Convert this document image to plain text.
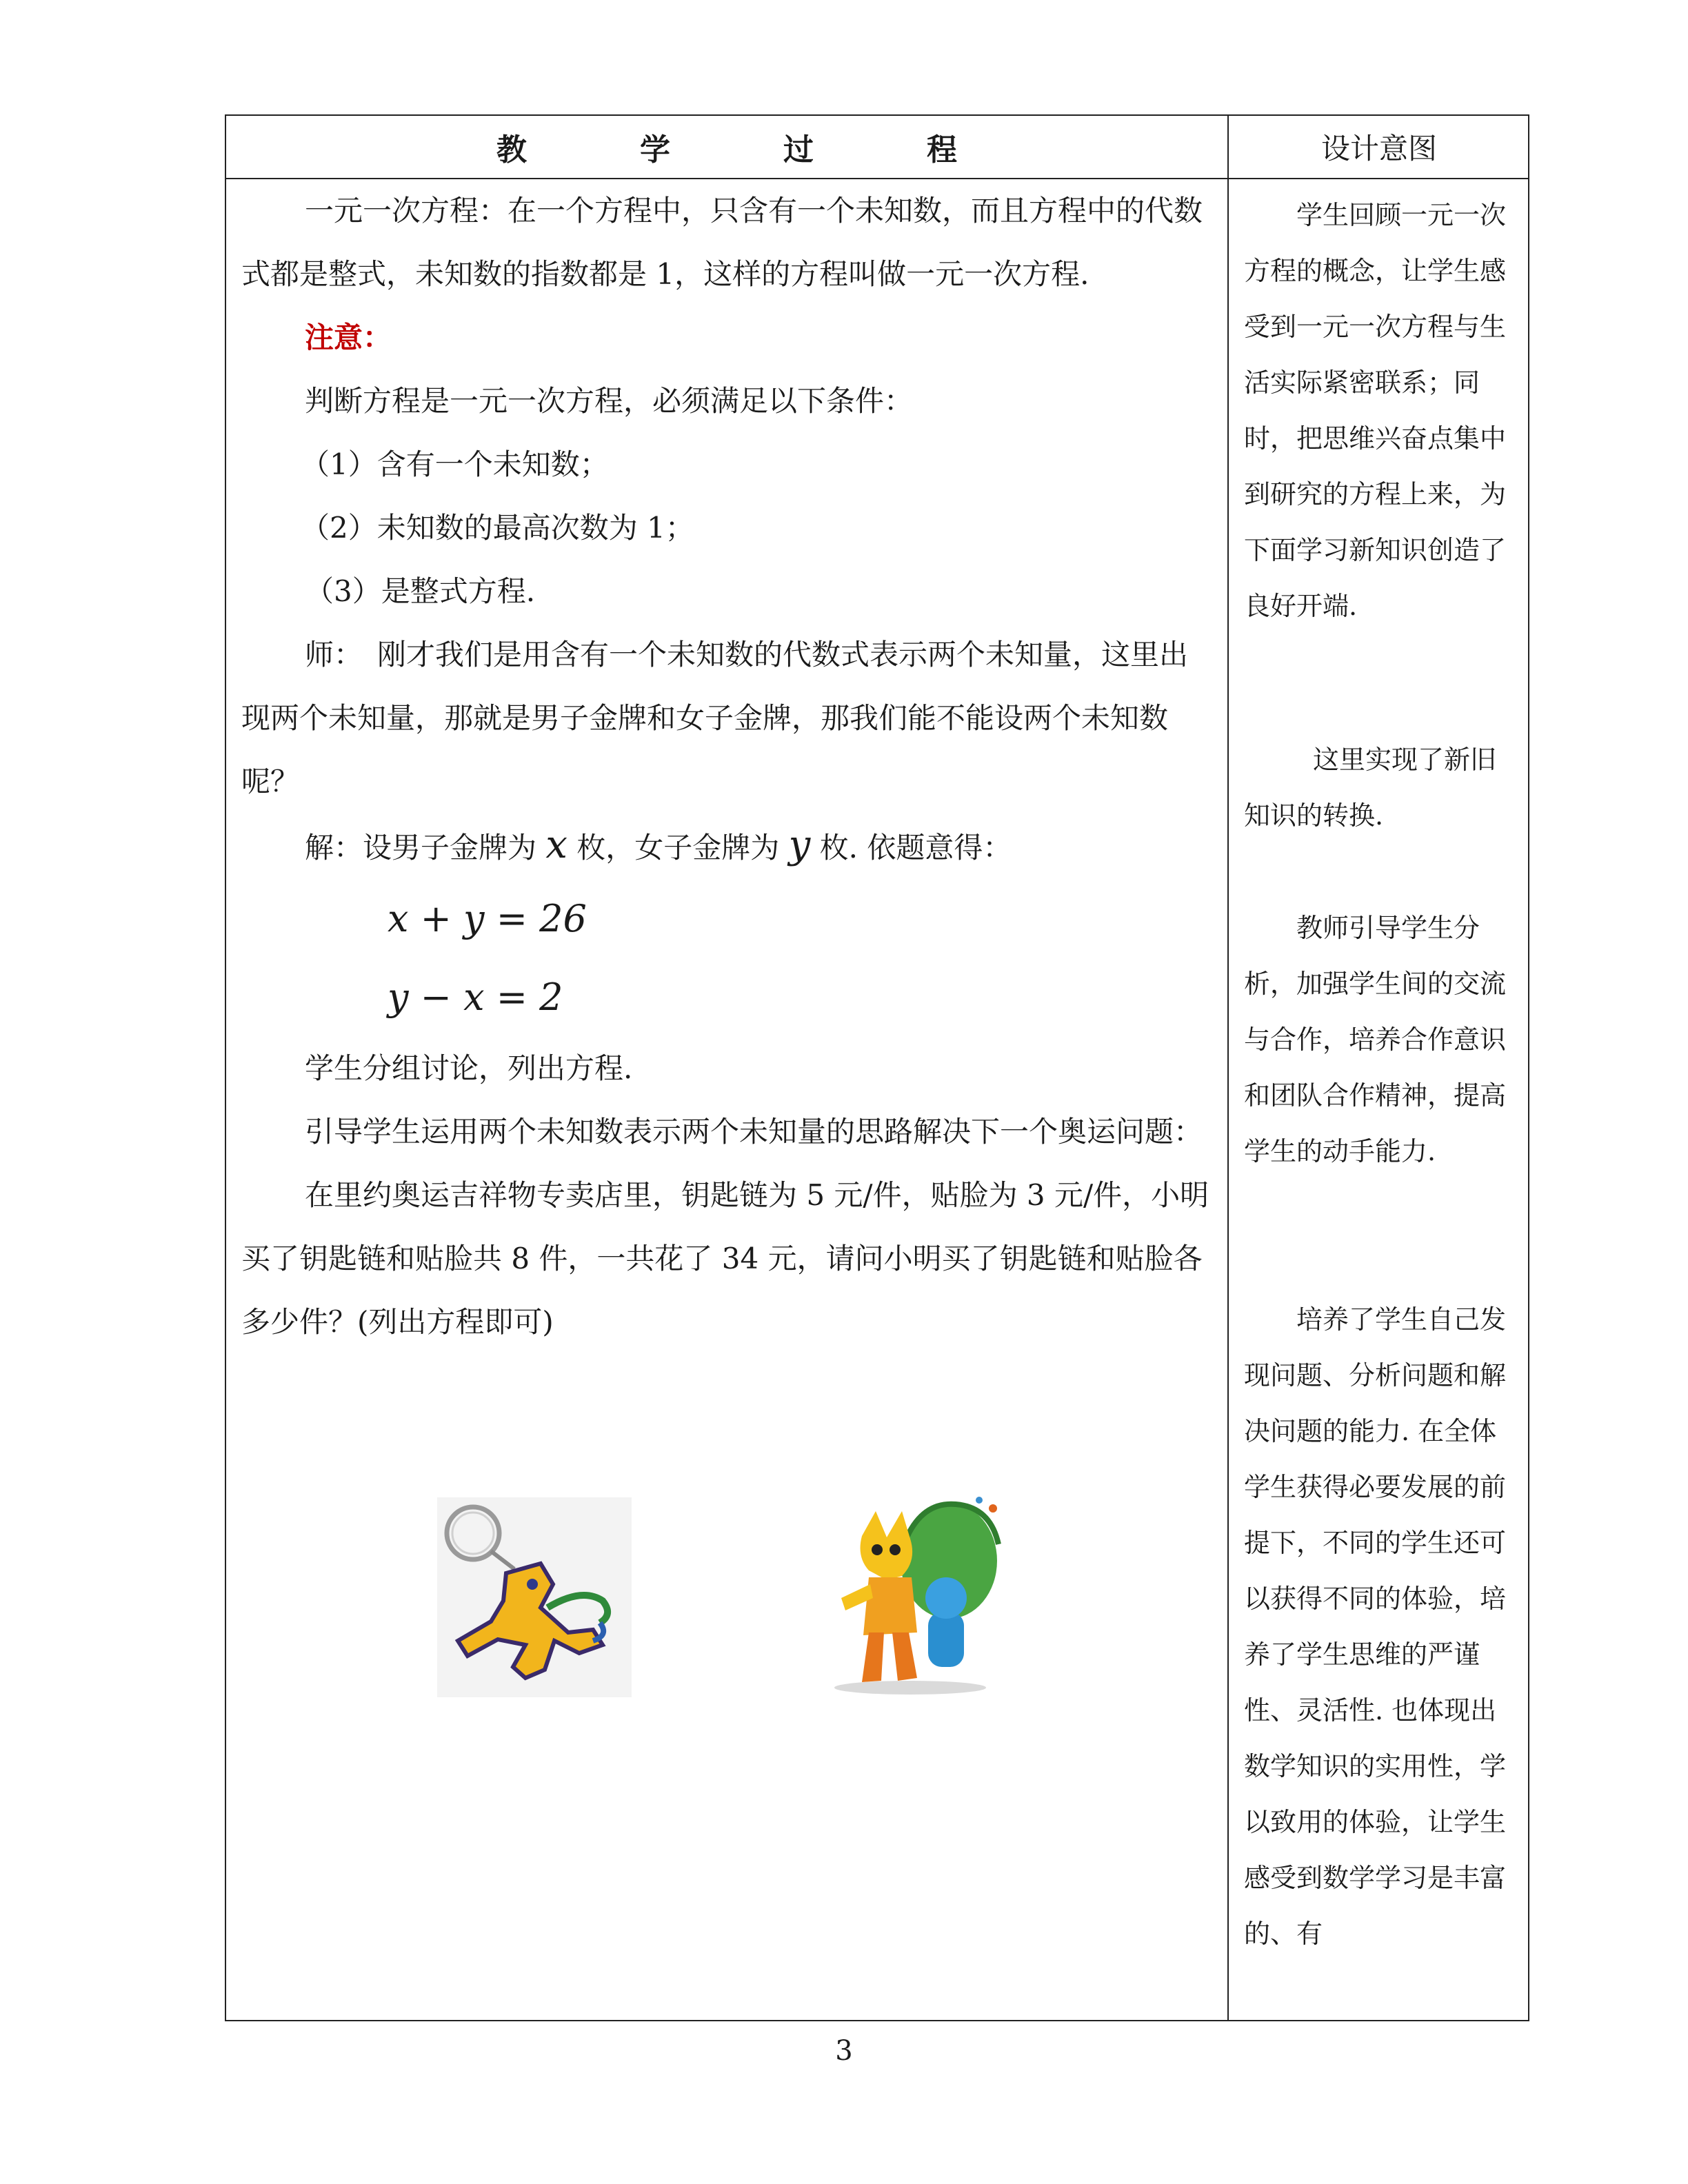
教　学　过　程	设计意图

一元一次方程：在一个方程中，只含有一个未知数，而且方程中的代数式都是整式，未知数的指数都是 1，这样的方程叫做一元一次方程.

注意：

判断方程是一元一次方程，必须满足以下条件：

（1）含有一个未知数；

（2）未知数的最高次数为 1；

（3）是整式方程.

师：　刚才我们是用含有一个未知数的代数式表示两个未知量，这里出现两个未知量，那就是男子金牌和女子金牌，那我们能不能设两个未知数呢？

解：设男子金牌为 x 枚，女子金牌为 y 枚. 依题意得：

x + y = 26

y − x = 2

学生分组讨论，列出方程.

引导学生运用两个未知数表示两个未知量的思路解决下一个奥运问题：

在里约奥运吉祥物专卖店里，钥匙链为 5 元/件，贴脸为 3 元/件，小明买了钥匙链和贴脸共 8 件，一共花了 34 元，请问小明买了钥匙链和贴脸各多少件？(列出方程即可)

学生回顾一元一次方程的概念，让学生感受到一元一次方程与生活实际紧密联系；同时，把思维兴奋点集中到研究的方程上来，为下面学习新知识创造了良好开端.

这里实现了新旧知识的转换.

教师引导学生分析，加强学生间的交流与合作，培养合作意识和团队合作精神，提高学生的动手能力.

培养了学生自己发现问题、分析问题和解决问题的能力. 在全体学生获得必要发展的前提下，不同的学生还可以获得不同的体验，培养了学生思维的严谨性、灵活性. 也体现出数学知识的实用性，学以致用的体验，让学生感受到数学学习是丰富的、有

3
